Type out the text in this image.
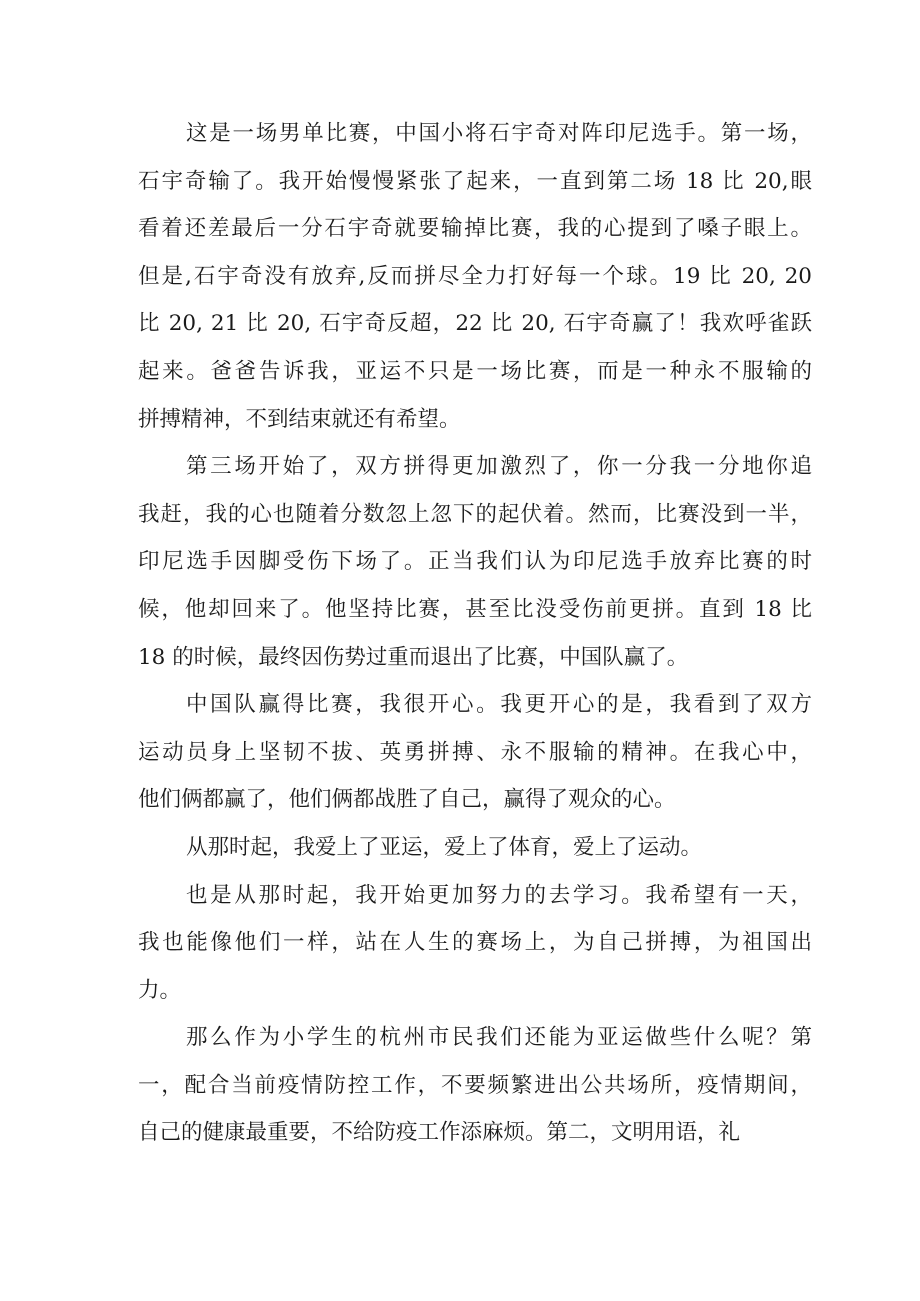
这是一场男单比赛，中国小将石宇奇对阵印尼选手。第一场，
石宇奇输了。我开始慢慢紧张了起来，一直到第二场 18 比 20,眼
看着还差最后一分石宇奇就要输掉比赛，我的心提到了嗓子眼上。
但是,石宇奇没有放弃,反而拼尽全力打好每一个球。19 比 20, 20
比 20, 21 比 20, 石宇奇反超，22 比 20, 石宇奇赢了！我欢呼雀跃
起来。爸爸告诉我，亚运不只是一场比赛，而是一种永不服输的
拼搏精神，不到结束就还有希望。
第三场开始了，双方拼得更加激烈了，你一分我一分地你追
我赶，我的心也随着分数忽上忽下的起伏着。然而，比赛没到一半，
印尼选手因脚受伤下场了。正当我们认为印尼选手放弃比赛的时
候，他却回来了。他坚持比赛，甚至比没受伤前更拼。直到 18 比
18 的时候，最终因伤势过重而退出了比赛，中国队赢了。
中国队赢得比赛，我很开心。我更开心的是，我看到了双方
运动员身上坚韧不拔、英勇拼搏、永不服输的精神。在我心中，
他们俩都赢了，他们俩都战胜了自己，赢得了观众的心。
从那时起，我爱上了亚运，爱上了体育，爱上了运动。
也是从那时起，我开始更加努力的去学习。我希望有一天，
我也能像他们一样，站在人生的赛场上，为自己拼搏，为祖国出
力。
那么作为小学生的杭州市民我们还能为亚运做些什么呢？第
一，配合当前疫情防控工作，不要频繁进出公共场所，疫情期间，
自己的健康最重要，不给防疫工作添麻烦。第二，文明用语，礼
